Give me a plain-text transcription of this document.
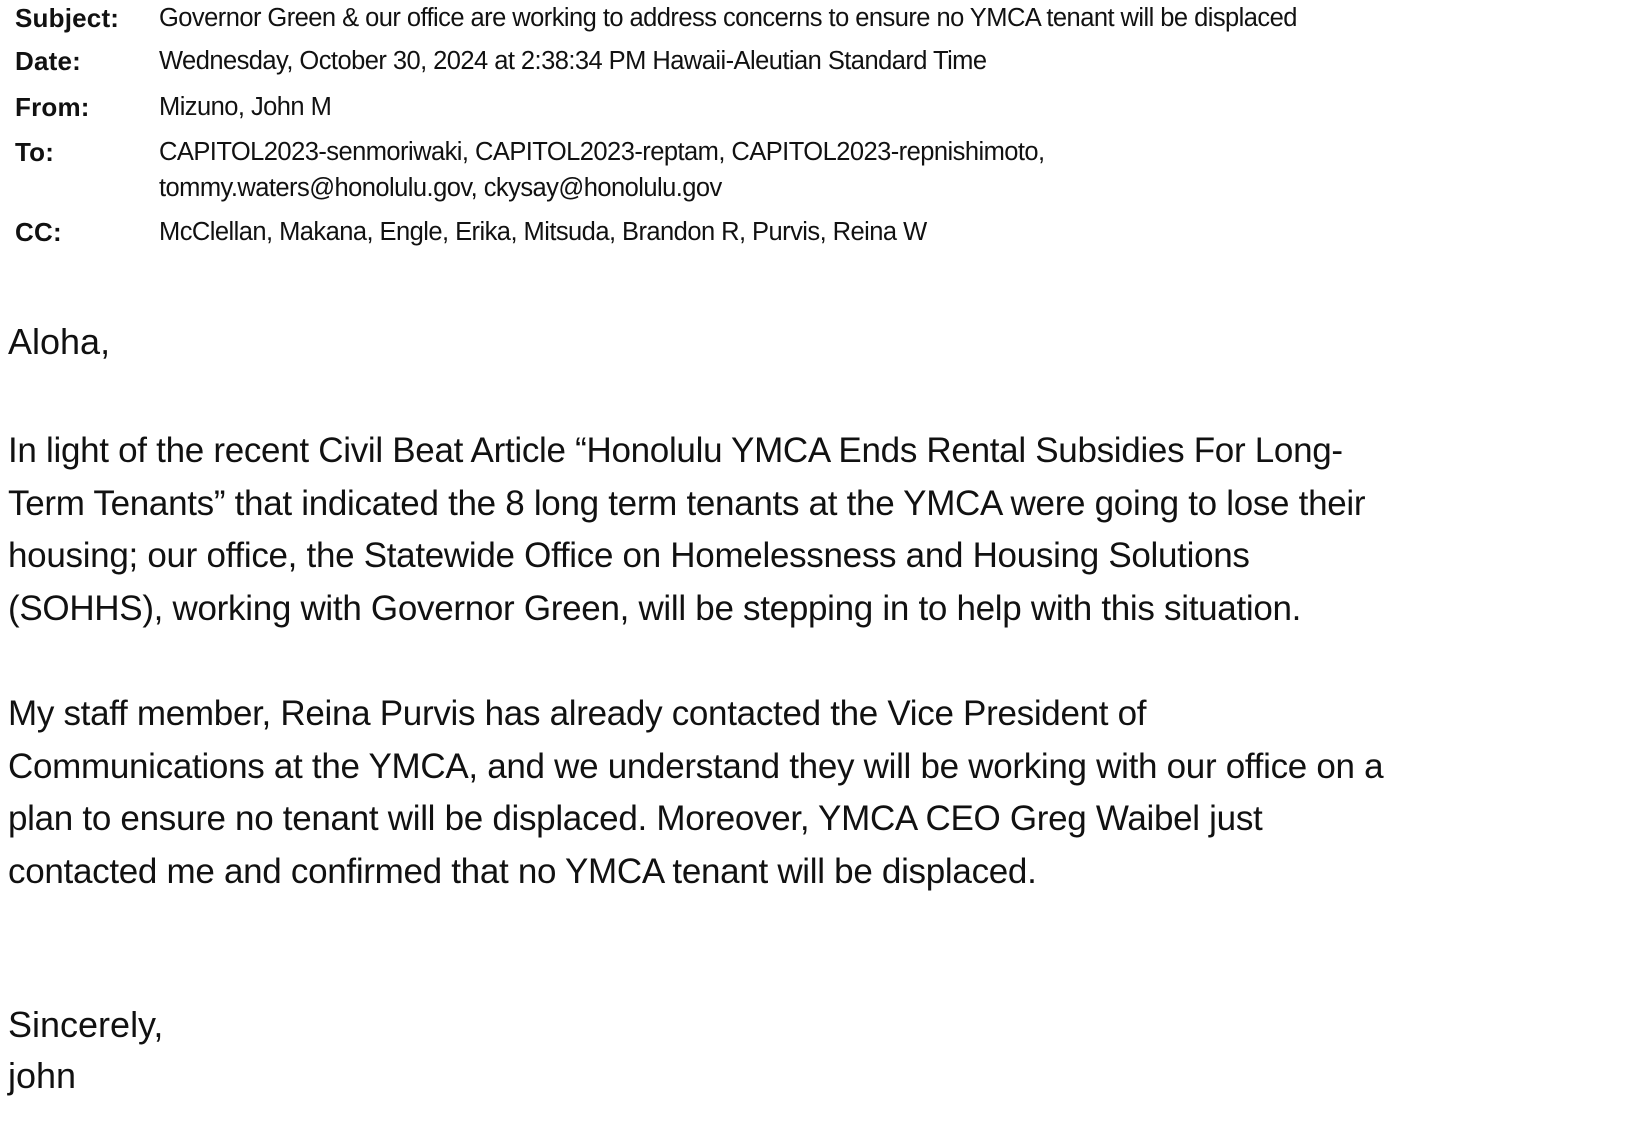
Subject:	Governor Green & our office are working to address concerns to ensure no YMCA tenant will be displaced
Date:	Wednesday, October 30, 2024 at 2:38:34 PM Hawaii-Aleutian Standard Time
From:	Mizuno, John M
To:	CAPITOL2023-senmoriwaki, CAPITOL2023-reptam, CAPITOL2023-repnishimoto,
tommy.waters@honolulu.gov, ckysay@honolulu.gov
CC:	McClellan, Makana, Engle, Erika, Mitsuda, Brandon R, Purvis, Reina W

Aloha,

In light of the recent Civil Beat Article “Honolulu YMCA Ends Rental Subsidies For Long-
Term Tenants” that indicated the 8 long term tenants at the YMCA were going to lose their
housing; our office, the Statewide Office on Homelessness and Housing Solutions
(SOHHS), working with Governor Green, will be stepping in to help with this situation.

My staff member, Reina Purvis has already contacted the Vice President of
Communications at the YMCA, and we understand they will be working with our office on a
plan to ensure no tenant will be displaced. Moreover, YMCA CEO Greg Waibel just
contacted me and confirmed that no YMCA tenant will be displaced.

Sincerely,

john
